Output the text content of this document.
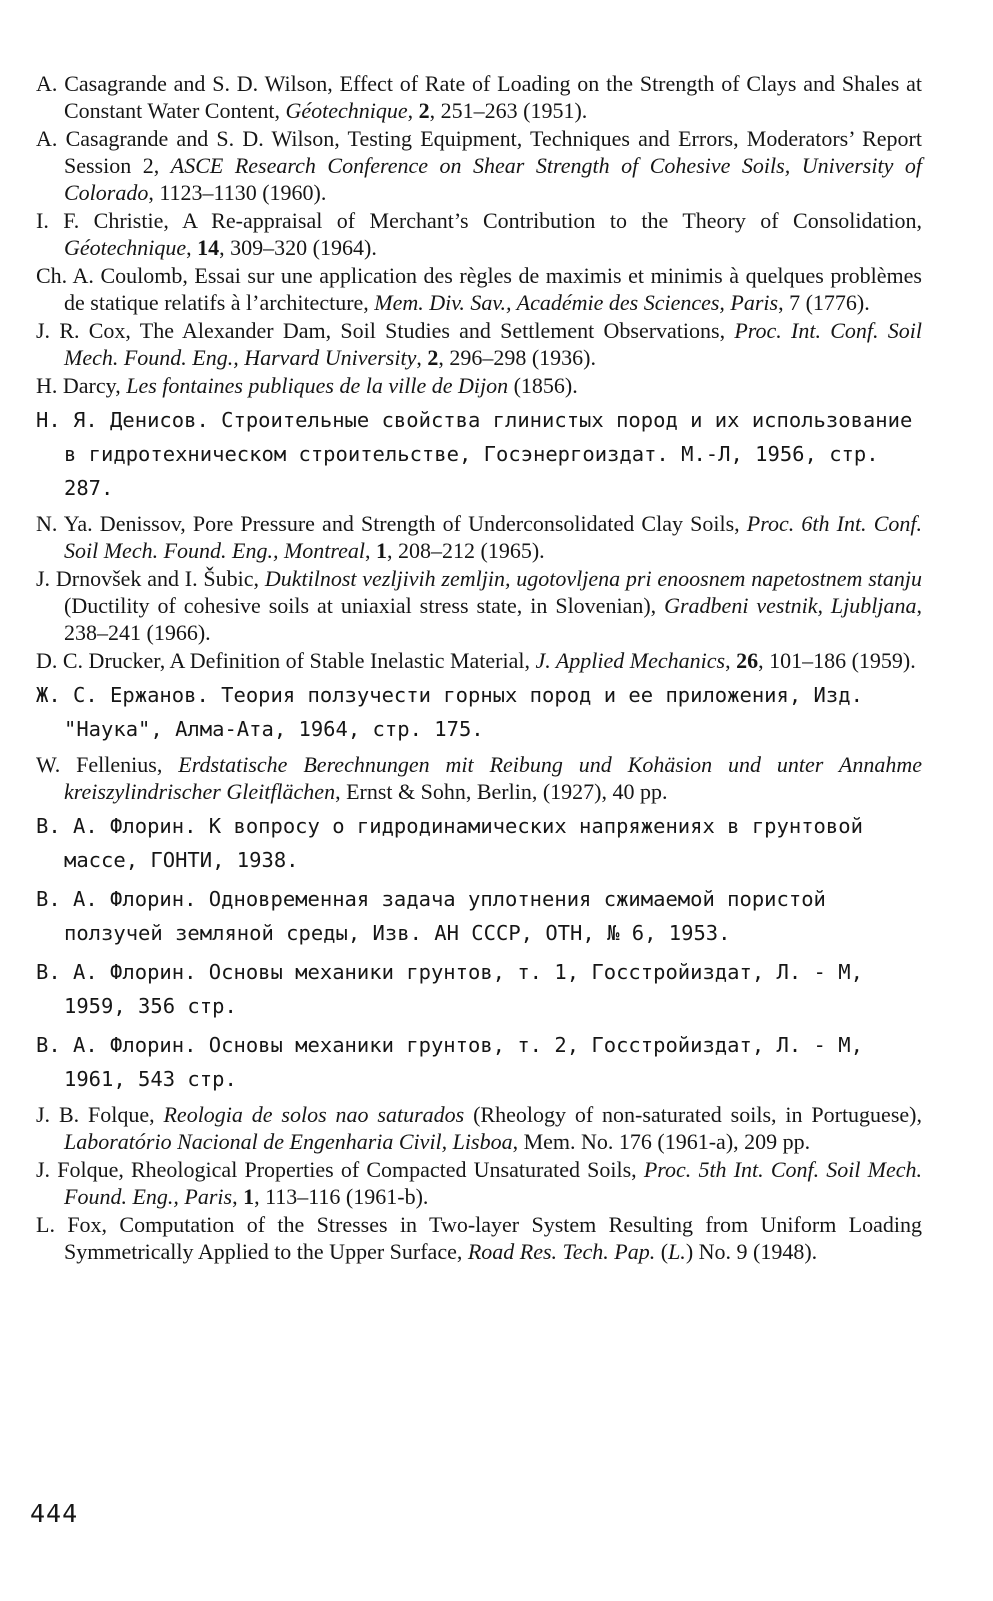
A. Casagrande and S. D. Wilson, Effect of Rate of Loading on the Strength of Clays and Shales at Constant Water Content, Géotechnique, 2, 251–263 (1951).
A. Casagrande and S. D. Wilson, Testing Equipment, Techniques and Errors, Moderators’ Report Session 2, ASCE Research Conference on Shear Strength of Cohesive Soils, University of Colorado, 1123–1130 (1960).
I. F. Christie, A Re-appraisal of Merchant’s Contribution to the Theory of Consolidation, Géotechnique, 14, 309–320 (1964).
Ch. A. Coulomb, Essai sur une application des règles de maximis et minimis à quelques problèmes de statique relatifs à l’architecture, Mem. Div. Sav., Académie des Sciences, Paris, 7 (1776).
J. R. Cox, The Alexander Dam, Soil Studies and Settlement Observations, Proc. Int. Conf. Soil Mech. Found. Eng., Harvard University, 2, 296–298 (1936).
H. Darcy, Les fontaines publiques de la ville de Dijon (1856).
Н. Я. Денисов. Строительные свойства глинистых пород и их использование в гидротехническом строительстве, Госэнергоиздат. М.-Л, 1956, стр. 287.
N. Ya. Denissov, Pore Pressure and Strength of Underconsolidated Clay Soils, Proc. 6th Int. Conf. Soil Mech. Found. Eng., Montreal, 1, 208–212 (1965).
J. Drnovšek and I. Šubic, Duktilnost vezljivih zemljin, ugotovljena pri enoosnem napetostnem stanju (Ductility of cohesive soils at uniaxial stress state, in Slovenian), Gradbeni vestnik, Ljubljana, 238–241 (1966).
D. C. Drucker, A Definition of Stable Inelastic Material, J. Applied Mechanics, 26, 101–186 (1959).
Ж. С. Ержанов. Теория ползучести горных пород и ее приложения, Изд. "Наука", Алма-Ата, 1964, стр. 175.
W. Fellenius, Erdstatische Berechnungen mit Reibung und Kohäsion und unter Annahme kreiszylindrischer Gleitflächen, Ernst & Sohn, Berlin, (1927), 40 pp.
В. А. Флорин. К вопросу о гидродинамических напряжениях в грунтовой массе, ГОНТИ, 1938.
В. А. Флорин. Одновременная задача уплотнения сжимаемой пористой ползучей земляной среды, Изв. АН СССР, ОТН, № 6, 1953.
В. А. Флорин. Основы механики грунтов, т. 1, Госстройиздат, Л. - М, 1959, 356 стр.
В. А. Флорин. Основы механики грунтов, т. 2, Госстройиздат, Л. - М, 1961, 543 стр.
J. B. Folque, Reologia de solos nao saturados (Rheology of non-saturated soils, in Portuguese), Laboratório Nacional de Engenharia Civil, Lisboa, Mem. No. 176 (1961-a), 209 pp.
J. Folque, Rheological Properties of Compacted Unsaturated Soils, Proc. 5th Int. Conf. Soil Mech. Found. Eng., Paris, 1, 113–116 (1961-b).
L. Fox, Computation of the Stresses in Two-layer System Resulting from Uniform Loading Symmetrically Applied to the Upper Surface, Road Res. Tech. Pap. (L.) No. 9 (1948).
444
